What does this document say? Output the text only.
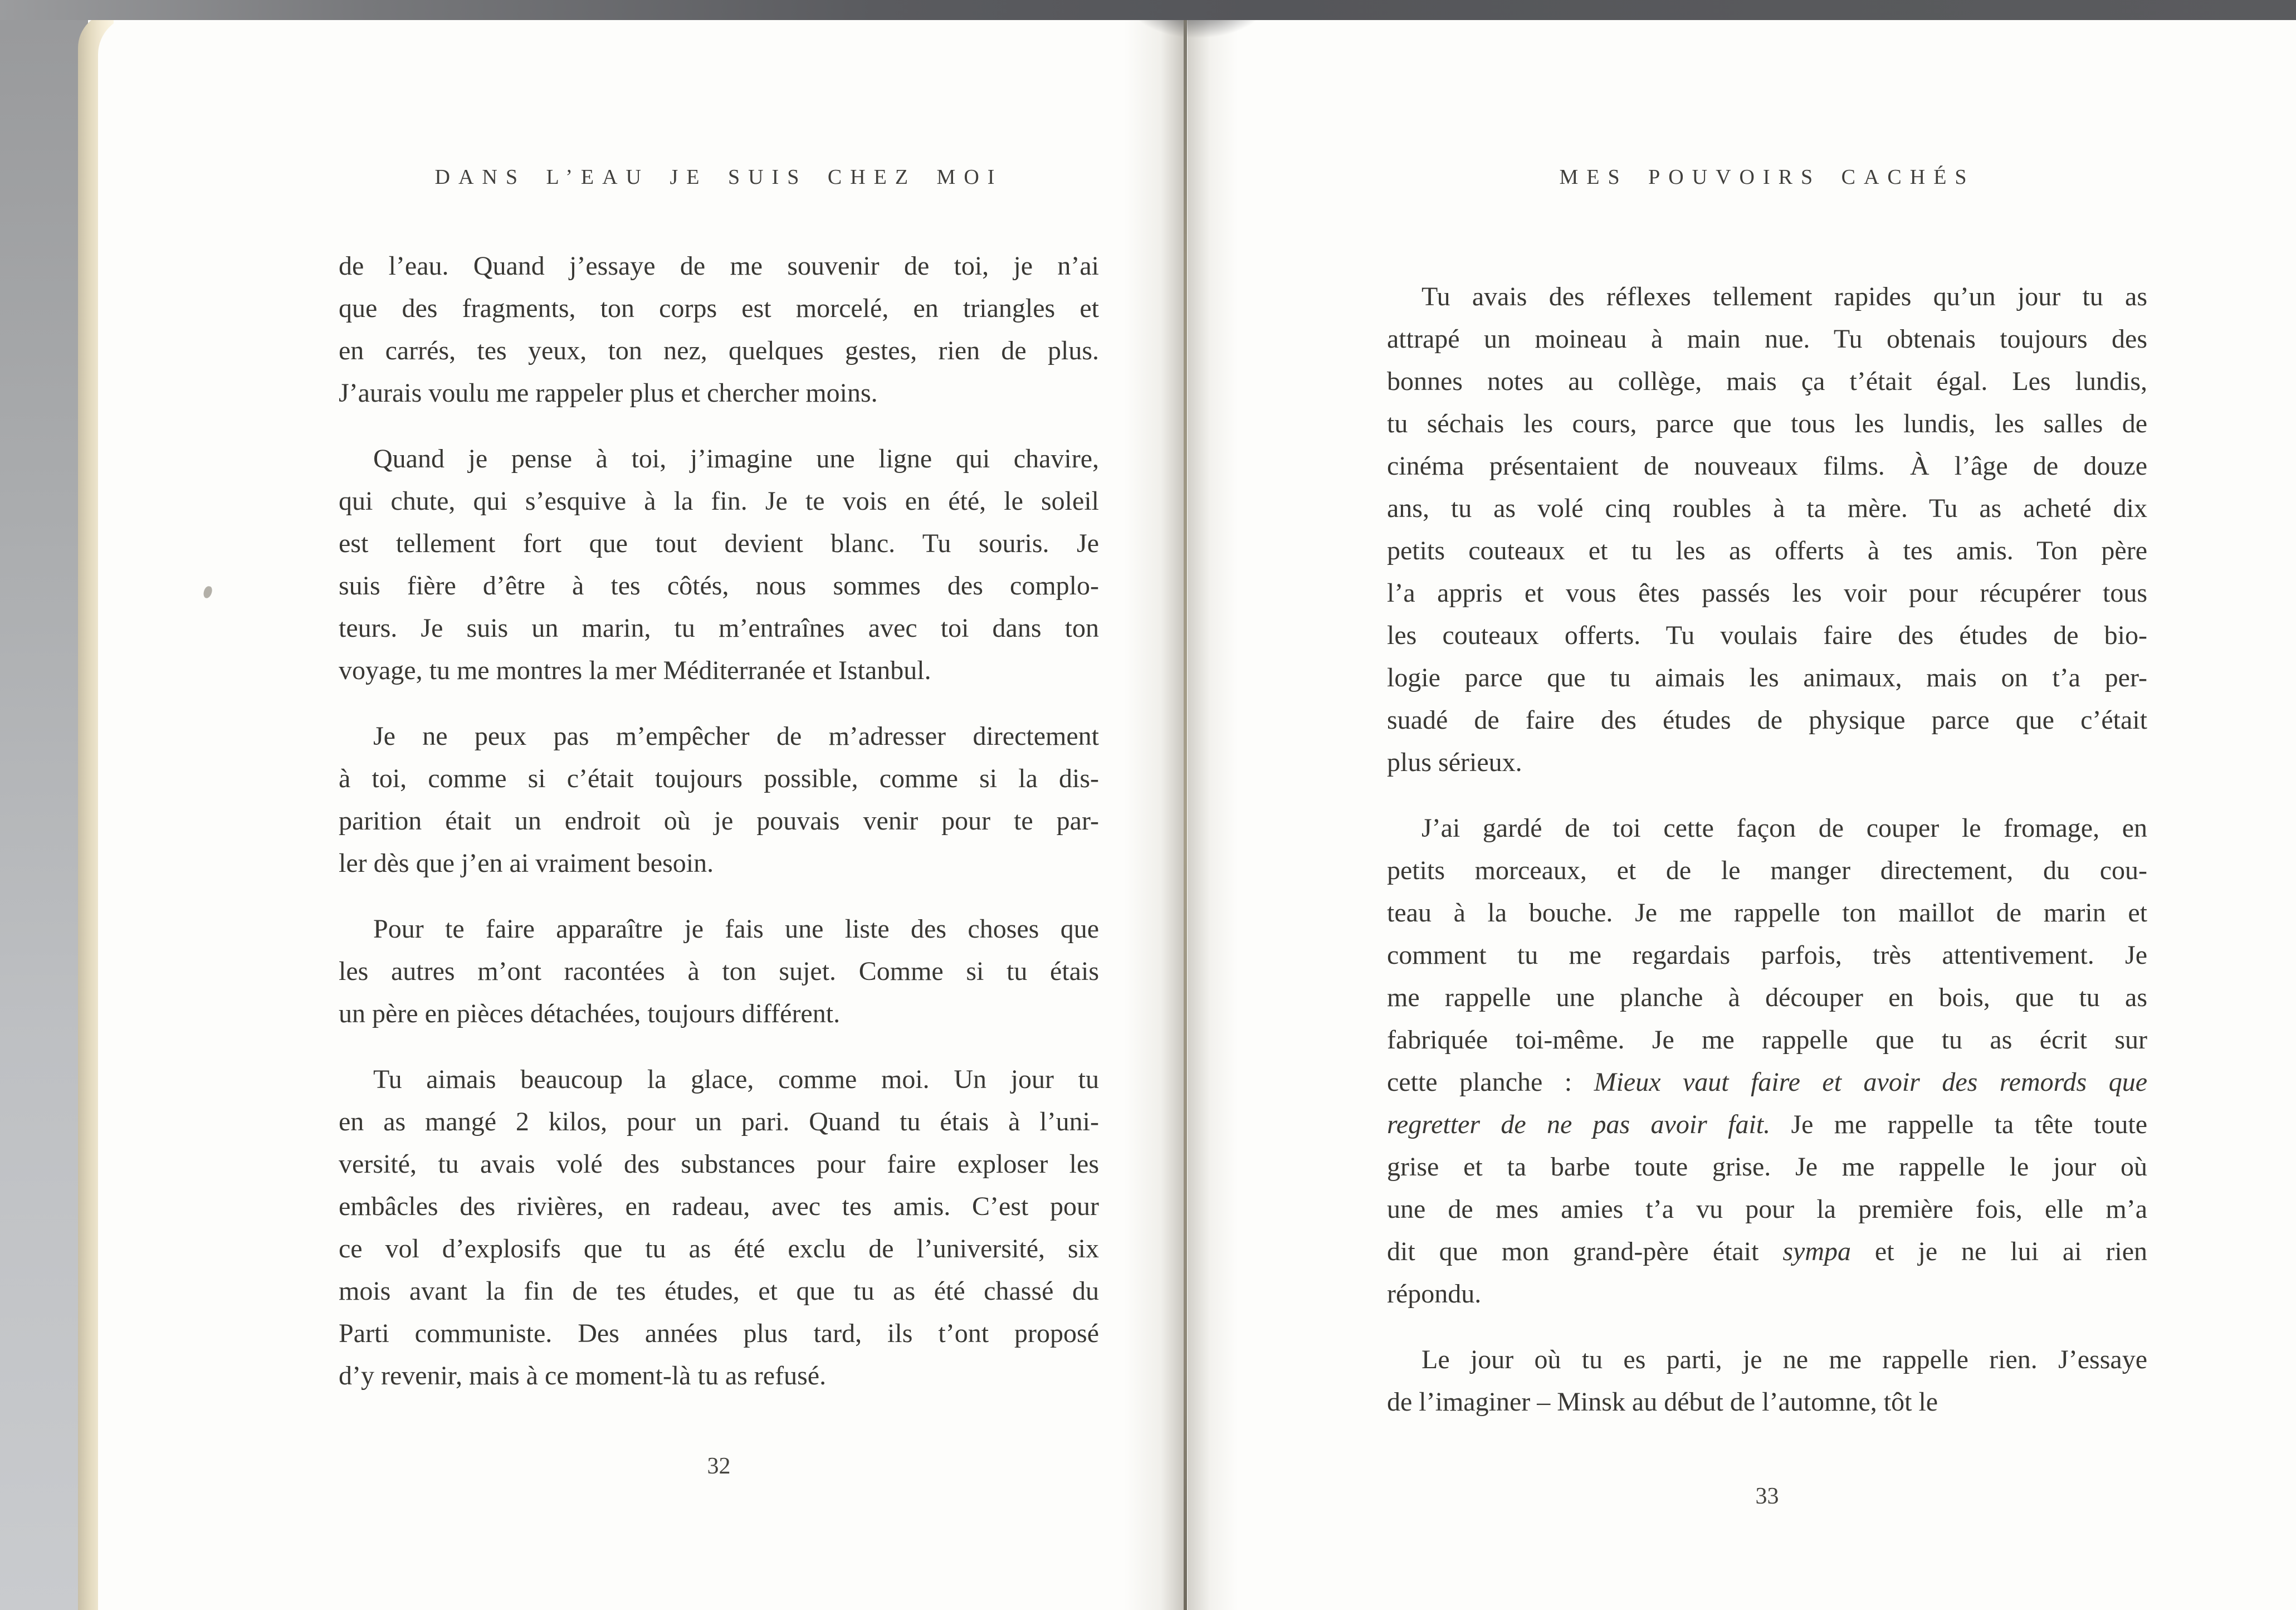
DANS L’EAU JE SUIS CHEZ MOI
de l’eau. Quand j’essaye de me souvenir de toi, je n’ai
que des fragments, ton corps est morcelé, en triangles et
en carrés, tes yeux, ton nez, quelques gestes, rien de plus.
J’aurais voulu me rappeler plus et chercher moins.
Quand je pense à toi, j’imagine une ligne qui chavire,
qui chute, qui s’esquive à la fin. Je te vois en été, le soleil
est tellement fort que tout devient blanc. Tu souris. Je
suis fière d’être à tes côtés, nous sommes des complo-
teurs. Je suis un marin, tu m’entraînes avec toi dans ton
voyage, tu me montres la mer Méditerranée et Istanbul.
Je ne peux pas m’empêcher de m’adresser directement
à toi, comme si c’était toujours possible, comme si la dis-
parition était un endroit où je pouvais venir pour te par-
ler dès que j’en ai vraiment besoin.
Pour te faire apparaître je fais une liste des choses que
les autres m’ont racontées à ton sujet. Comme si tu étais
un père en pièces détachées, toujours différent.
Tu aimais beaucoup la glace, comme moi. Un jour tu
en as mangé 2 kilos, pour un pari. Quand tu étais à l’uni-
versité, tu avais volé des substances pour faire exploser les
embâcles des rivières, en radeau, avec tes amis. C’est pour
ce vol d’explosifs que tu as été exclu de l’université, six
mois avant la fin de tes études, et que tu as été chassé du
Parti communiste. Des années plus tard, ils t’ont proposé
d’y revenir, mais à ce moment-là tu as refusé.
32
MES POUVOIRS CACHÉS
Tu avais des réflexes tellement rapides qu’un jour tu as
attrapé un moineau à main nue. Tu obtenais toujours des
bonnes notes au collège, mais ça t’était égal. Les lundis,
tu séchais les cours, parce que tous les lundis, les salles de
cinéma présentaient de nouveaux films. À l’âge de douze
ans, tu as volé cinq roubles à ta mère. Tu as acheté dix
petits couteaux et tu les as offerts à tes amis. Ton père
l’a appris et vous êtes passés les voir pour récupérer tous
les couteaux offerts. Tu voulais faire des études de bio-
logie parce que tu aimais les animaux, mais on t’a per-
suadé de faire des études de physique parce que c’était
plus sérieux.
J’ai gardé de toi cette façon de couper le fromage, en
petits morceaux, et de le manger directement, du cou-
teau à la bouche. Je me rappelle ton maillot de marin et
comment tu me regardais parfois, très attentivement. Je
me rappelle une planche à découper en bois, que tu as
fabriquée toi-même. Je me rappelle que tu as écrit sur
cette planche : Mieux vaut faire et avoir des remords que
regretter de ne pas avoir fait. Je me rappelle ta tête toute
grise et ta barbe toute grise. Je me rappelle le jour où
une de mes amies t’a vu pour la première fois, elle m’a
dit que mon grand-père était sympa et je ne lui ai rien
répondu.
Le jour où tu es parti, je ne me rappelle rien. J’essaye
de l’imaginer – Minsk au début de l’automne, tôt le
33
